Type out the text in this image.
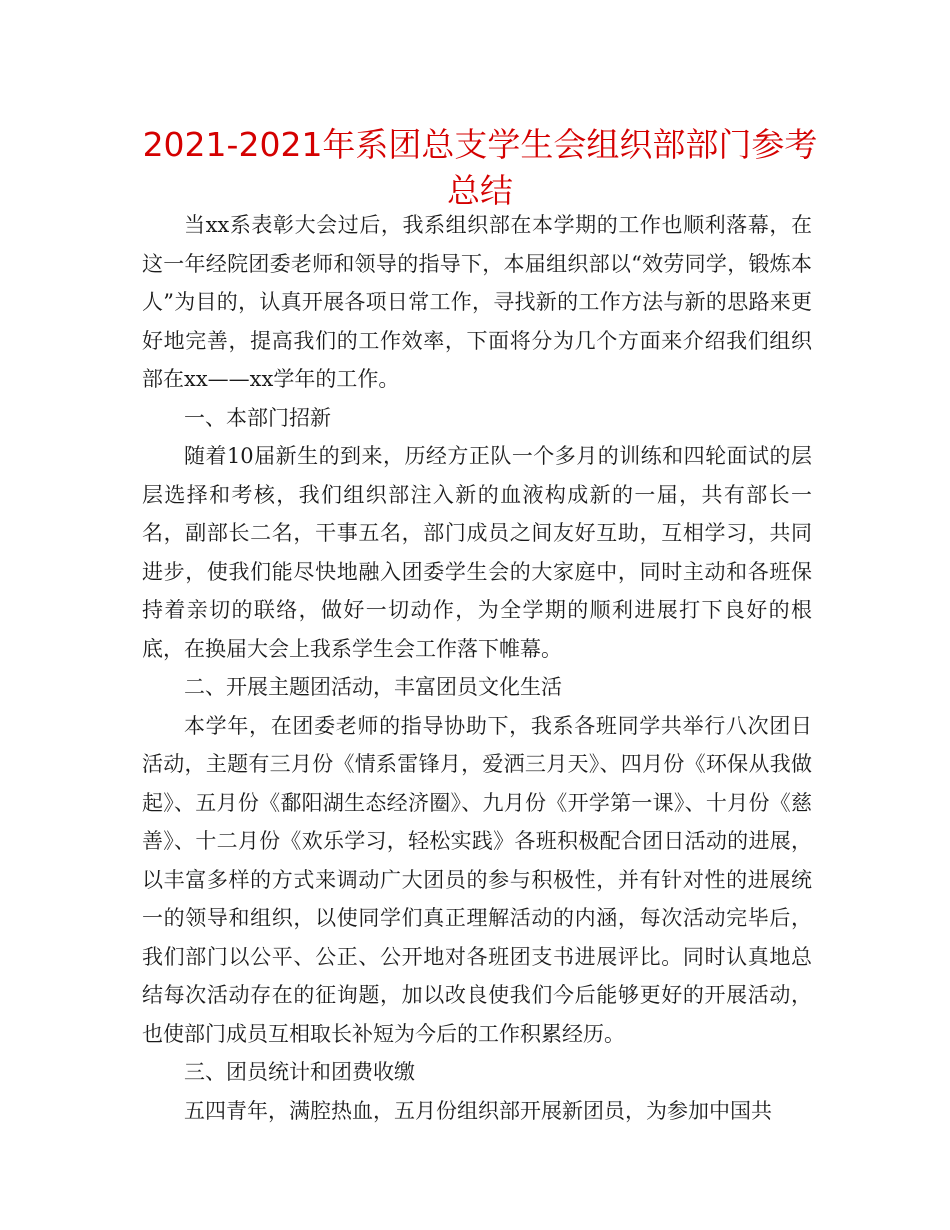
2021-2021年系团总支学生会组织部部门参考
总结

当xx系表彰大会过后，我系组织部在本学期的工作也顺利落幕，在这一年经院团委老师和领导的指导下，本届组织部以“效劳同学，锻炼本人”为目的，认真开展各项日常工作，寻找新的工作方法与新的思路来更好地完善，提高我们的工作效率，下面将分为几个方面来介绍我们组织部在xx——xx学年的工作。

一、本部门招新

随着10届新生的到来，历经方正队一个多月的训练和四轮面试的层层选择和考核，我们组织部注入新的血液构成新的一届，共有部长一名，副部长二名，干事五名，部门成员之间友好互助，互相学习，共同进步，使我们能尽快地融入团委学生会的大家庭中，同时主动和各班保持着亲切的联络，做好一切动作，为全学期的顺利进展打下良好的根底，在换届大会上我系学生会工作落下帷幕。

二、开展主题团活动，丰富团员文化生活

本学年，在团委老师的指导协助下，我系各班同学共举行八次团日活动，主题有三月份《情系雷锋月，爱洒三月天》、四月份《环保从我做起》、五月份《鄱阳湖生态经济圈》、九月份《开学第一课》、十月份《慈善》、十二月份《欢乐学习，轻松实践》各班积极配合团日活动的进展，以丰富多样的方式来调动广大团员的参与积极性，并有针对性的进展统一的领导和组织，以使同学们真正理解活动的内涵，每次活动完毕后，我们部门以公平、公正、公开地对各班团支书进展评比。同时认真地总结每次活动存在的征询题，加以改良使我们今后能够更好的开展活动，也使部门成员互相取长补短为今后的工作积累经历。

三、团员统计和团费收缴

五四青年，满腔热血，五月份组织部开展新团员，为参加中国共
